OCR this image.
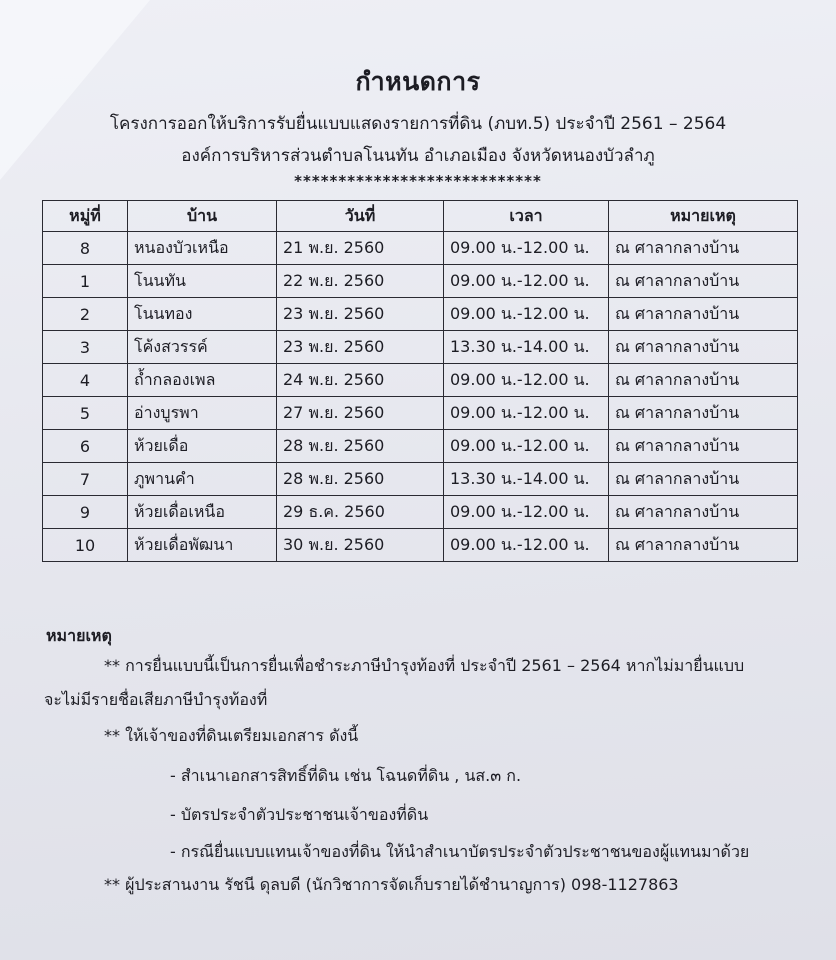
กำหนดการ
โครงการออกให้บริการรับยื่นแบบแสดงรายการที่ดิน (ภบท.5) ประจำปี 2561 – 2564
องค์การบริหารส่วนตำบลโนนทัน อำเภอเมือง จังหวัดหนองบัวลำภู
****************************
หมู่ที่	บ้าน	วันที่	เวลา	หมายเหตุ
8	หนองบัวเหนือ	21 พ.ย. 2560	09.00 น.-12.00 น.	ณ ศาลากลางบ้าน
1	โนนทัน	22 พ.ย. 2560	09.00 น.-12.00 น.	ณ ศาลากลางบ้าน
2	โนนทอง	23 พ.ย. 2560	09.00 น.-12.00 น.	ณ ศาลากลางบ้าน
3	โค้งสวรรค์	23 พ.ย. 2560	13.30 น.-14.00 น.	ณ ศาลากลางบ้าน
4	ถ้ำกลองเพล	24 พ.ย. 2560	09.00 น.-12.00 น.	ณ ศาลากลางบ้าน
5	อ่างบูรพา	27 พ.ย. 2560	09.00 น.-12.00 น.	ณ ศาลากลางบ้าน
6	ห้วยเดื่อ	28 พ.ย. 2560	09.00 น.-12.00 น.	ณ ศาลากลางบ้าน
7	ภูพานคำ	28 พ.ย. 2560	13.30 น.-14.00 น.	ณ ศาลากลางบ้าน
9	ห้วยเดื่อเหนือ	29 ธ.ค. 2560	09.00 น.-12.00 น.	ณ ศาลากลางบ้าน
10	ห้วยเดื่อพัฒนา	30 พ.ย. 2560	09.00 น.-12.00 น.	ณ ศาลากลางบ้าน
หมายเหตุ
** การยื่นแบบนี้เป็นการยื่นเพื่อชำระภาษีบำรุงท้องที่ ประจำปี 2561 – 2564 หากไม่มายื่นแบบ
จะไม่มีรายชื่อเสียภาษีบำรุงท้องที่
** ให้เจ้าของที่ดินเตรียมเอกสาร ดังนี้
- สำเนาเอกสารสิทธิ์ที่ดิน เช่น โฉนดที่ดิน , นส.๓ ก.
- บัตรประจำตัวประชาชนเจ้าของที่ดิน
- กรณียื่นแบบแทนเจ้าของที่ดิน ให้นำสำเนาบัตรประจำตัวประชาชนของผู้แทนมาด้วย
** ผู้ประสานงาน รัชนี ดุลบดี (นักวิชาการจัดเก็บรายได้ชำนาญการ) 098-1127863
